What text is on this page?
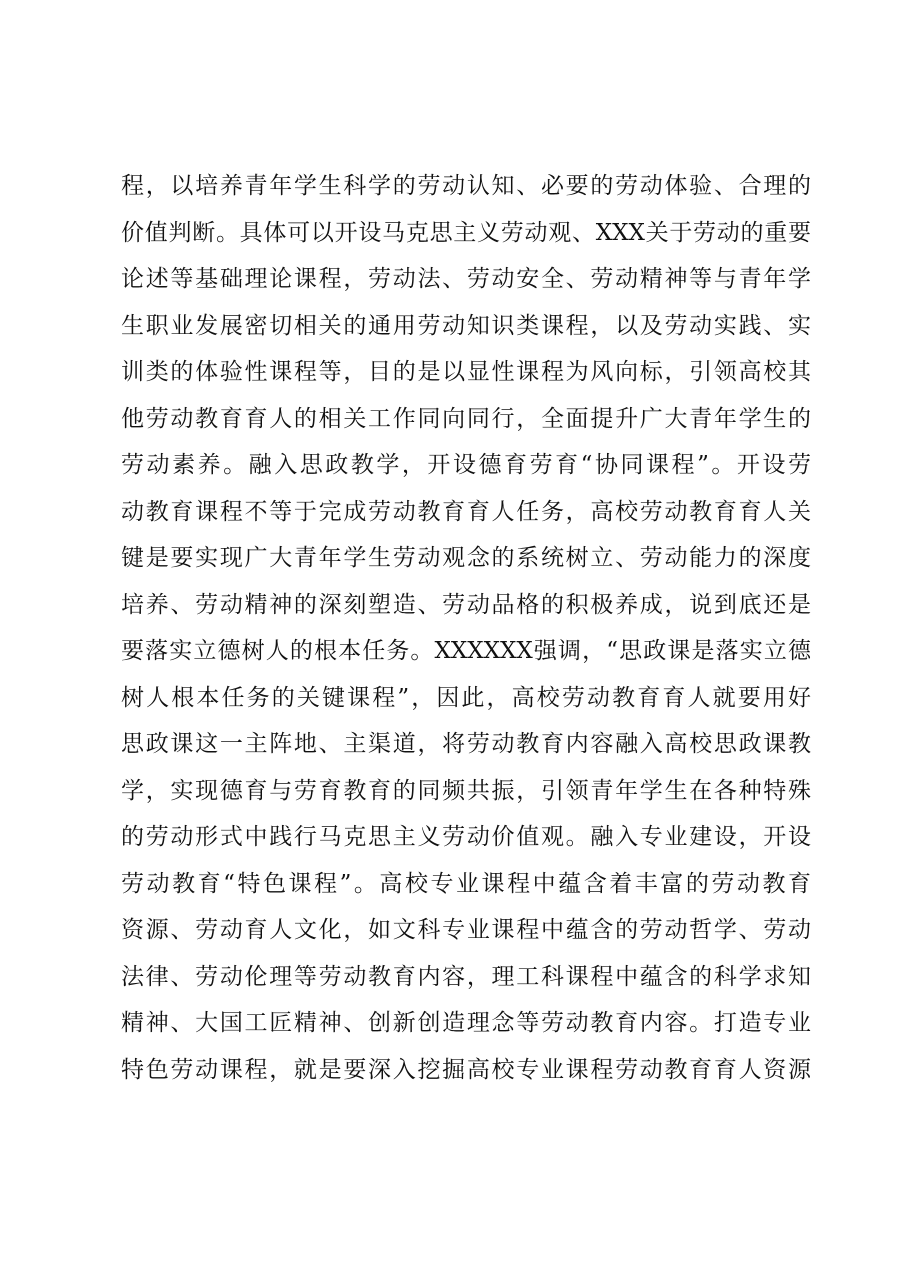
程，以培养青年学生科学的劳动认知、必要的劳动体验、合理的
价值判断。具体可以开设马克思主义劳动观、XXX关于劳动的重要
论述等基础理论课程，劳动法、劳动安全、劳动精神等与青年学
生职业发展密切相关的通用劳动知识类课程，以及劳动实践、实
训类的体验性课程等，目的是以显性课程为风向标，引领高校其
他劳动教育育人的相关工作同向同行，全面提升广大青年学生的
劳动素养。融入思政教学，开设德育劳育“协同课程”。开设劳
动教育课程不等于完成劳动教育育人任务，高校劳动教育育人关
键是要实现广大青年学生劳动观念的系统树立、劳动能力的深度
培养、劳动精神的深刻塑造、劳动品格的积极养成，说到底还是
要落实立德树人的根本任务。XXXXXX强调，“思政课是落实立德
树人根本任务的关键课程”，因此，高校劳动教育育人就要用好
思政课这一主阵地、主渠道，将劳动教育内容融入高校思政课教
学，实现德育与劳育教育的同频共振，引领青年学生在各种特殊
的劳动形式中践行马克思主义劳动价值观。融入专业建设，开设
劳动教育“特色课程”。高校专业课程中蕴含着丰富的劳动教育
资源、劳动育人文化，如文科专业课程中蕴含的劳动哲学、劳动
法律、劳动伦理等劳动教育内容，理工科课程中蕴含的科学求知
精神、大国工匠精神、创新创造理念等劳动教育内容。打造专业
特色劳动课程，就是要深入挖掘高校专业课程劳动教育育人资源
